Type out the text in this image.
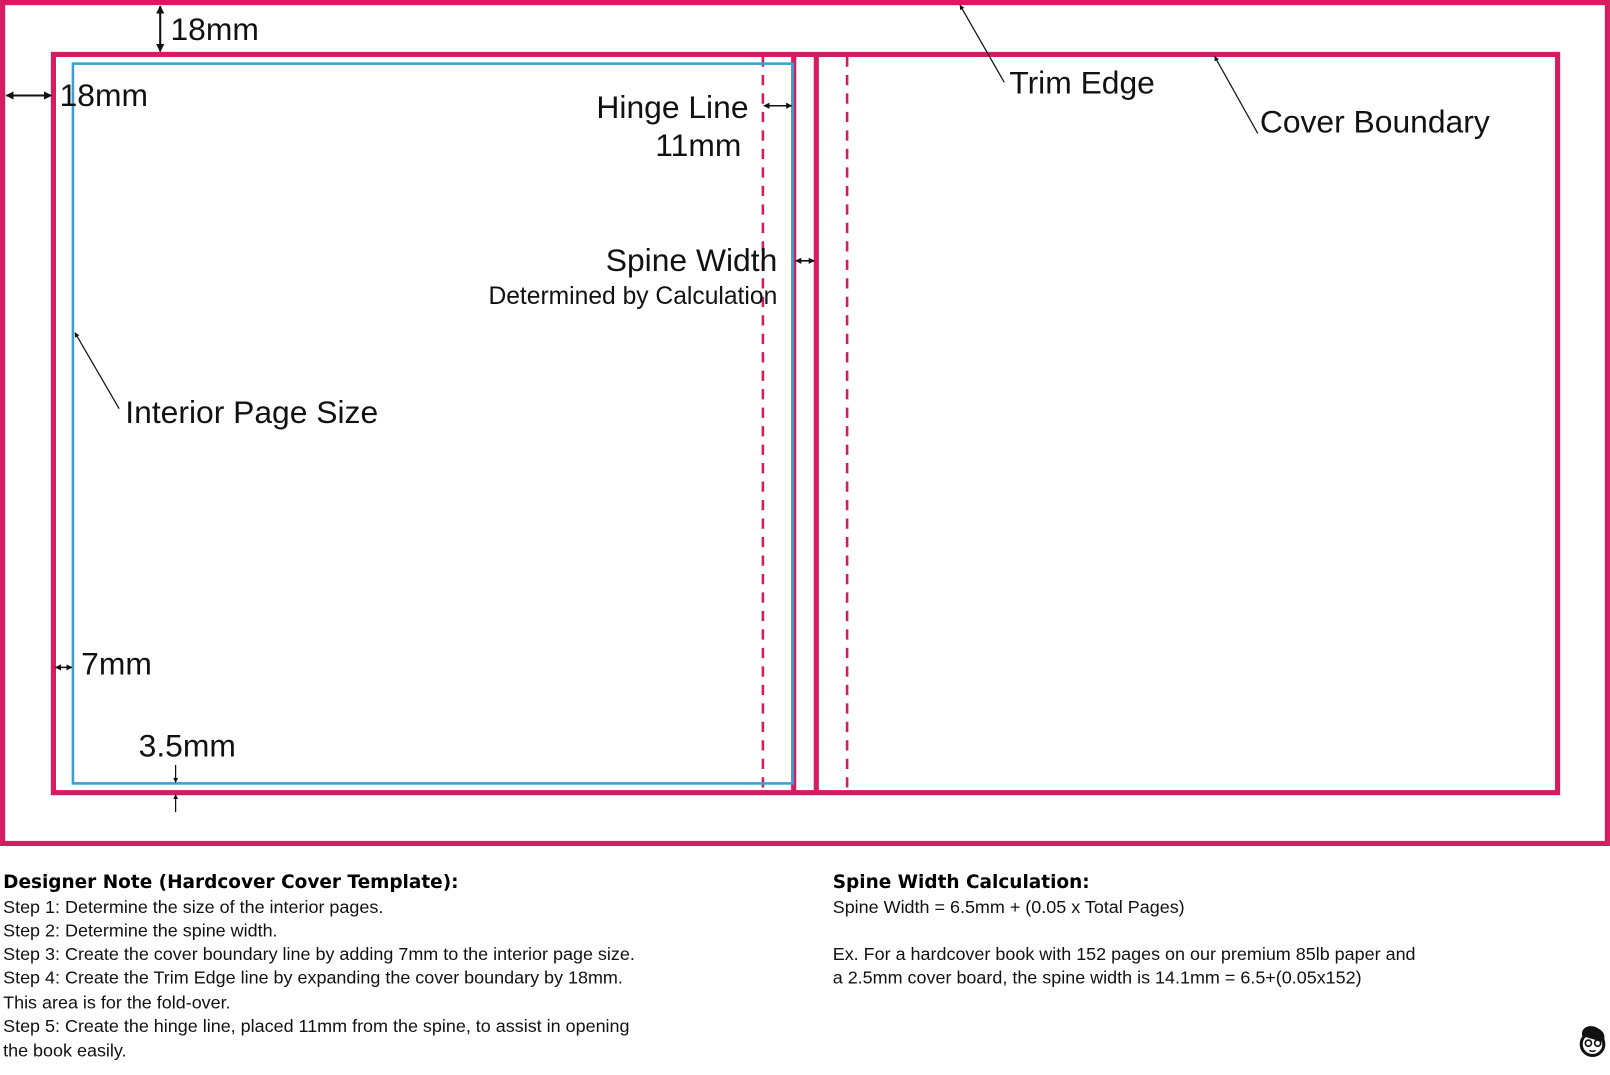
18mm
18mm	Hinge Line
11mm
Spine Width
Determined by Calculation
Interior Page Size
7mm
3.5mm
Trim Edge
Cover Boundary
Designer Note (Hardcover Cover Template):
Step 1: Determine the size of the interior pages.
Step 2: Determine the spine width.
Step 3: Create the cover boundary line by adding 7mm to the interior page size.
Step 4: Create the Trim Edge line by expanding the cover boundary by 18mm.
This area is for the fold-over.
Step 5: Create the hinge line, placed 11mm from the spine, to assist in opening
the book easily.
Spine Width Calculation:
Spine Width = 6.5mm + (0.05 x Total Pages)
Ex. For a hardcover book with 152 pages on our premium 85lb paper and
a 2.5mm cover board, the spine width is 14.1mm = 6.5+(0.05x152)
